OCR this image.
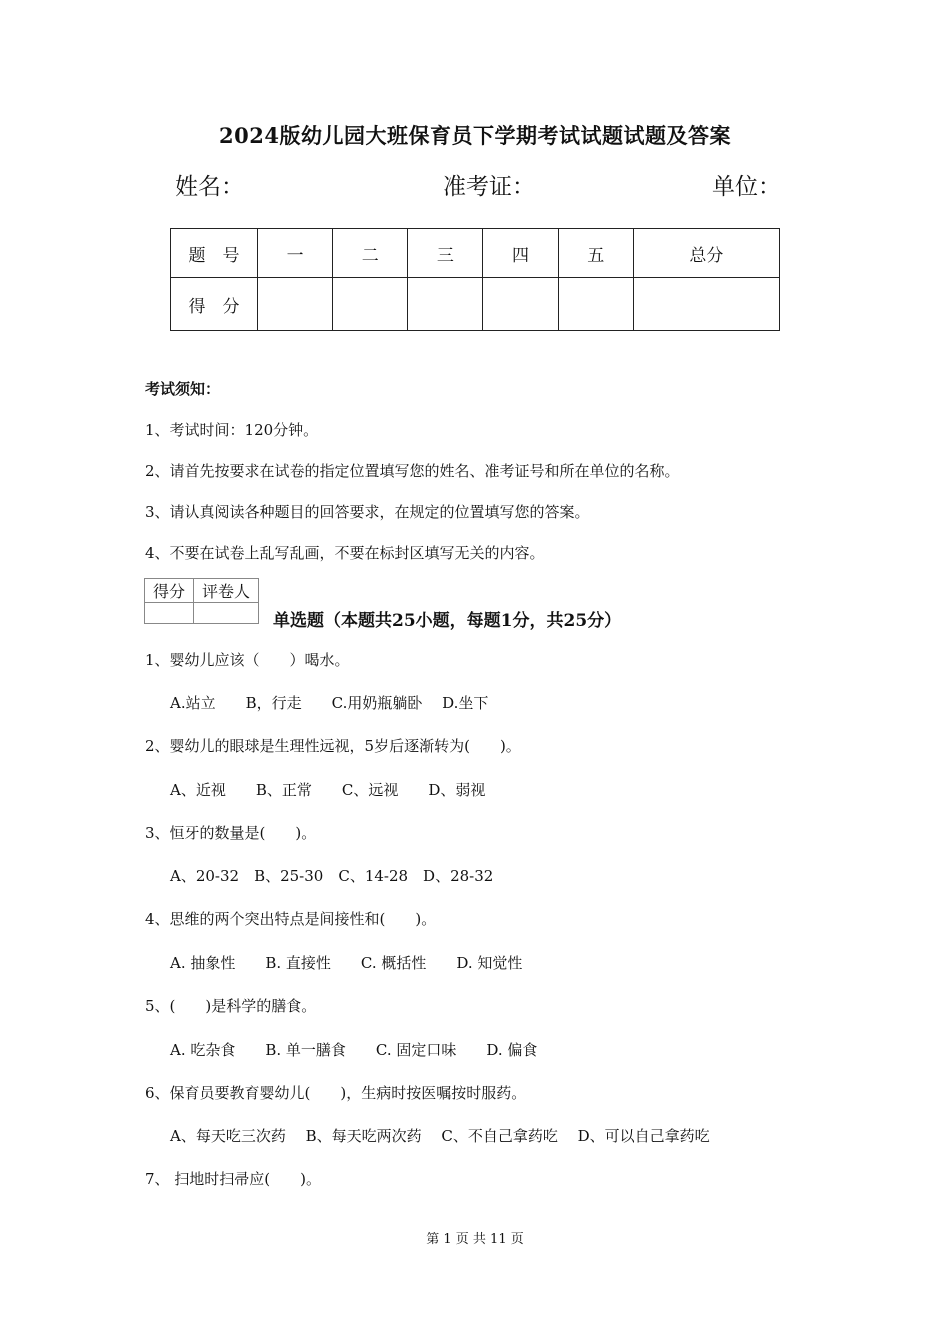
2024版幼儿园大班保育员下学期考试试题试题及答案
姓名：	准考证：	单位：
题　号	一	二	三	四	五	总分
得　分						
考试须知：
1、考试时间：120分钟。
2、请首先按要求在试卷的指定位置填写您的姓名、准考证号和所在单位的名称。
3、请认真阅读各种题目的回答要求，在规定的位置填写您的答案。
4、不要在试卷上乱写乱画，不要在标封区填写无关的内容。
得分	评卷人

单选题（本题共25小题，每题1分，共25分）
1、婴幼儿应该（　　）喝水。
A.站立　　B，行走　　C.用奶瓶躺卧　 D.坐下
2、婴幼儿的眼球是生理性远视，5岁后逐渐转为(　　)。
A、近视　　B、正常　　C、远视　　D、弱视
3、恒牙的数量是(　　)。
A、20-32　B、25-30　C、14-28　D、28-32
4、思维的两个突出特点是间接性和(　　)。
A. 抽象性　　B. 直接性　　C. 概括性　　D. 知觉性
5、(　　)是科学的膳食。
A. 吃杂食　　B. 单一膳食　　C. 固定口味　　D. 偏食
6、保育员要教育婴幼儿(　　)，生病时按医嘱按时服药。
A、每天吃三次药　 B、每天吃两次药　 C、不自己拿药吃　 D、可以自己拿药吃
7、 扫地时扫帚应(　　)。
第 1 页 共 11 页
